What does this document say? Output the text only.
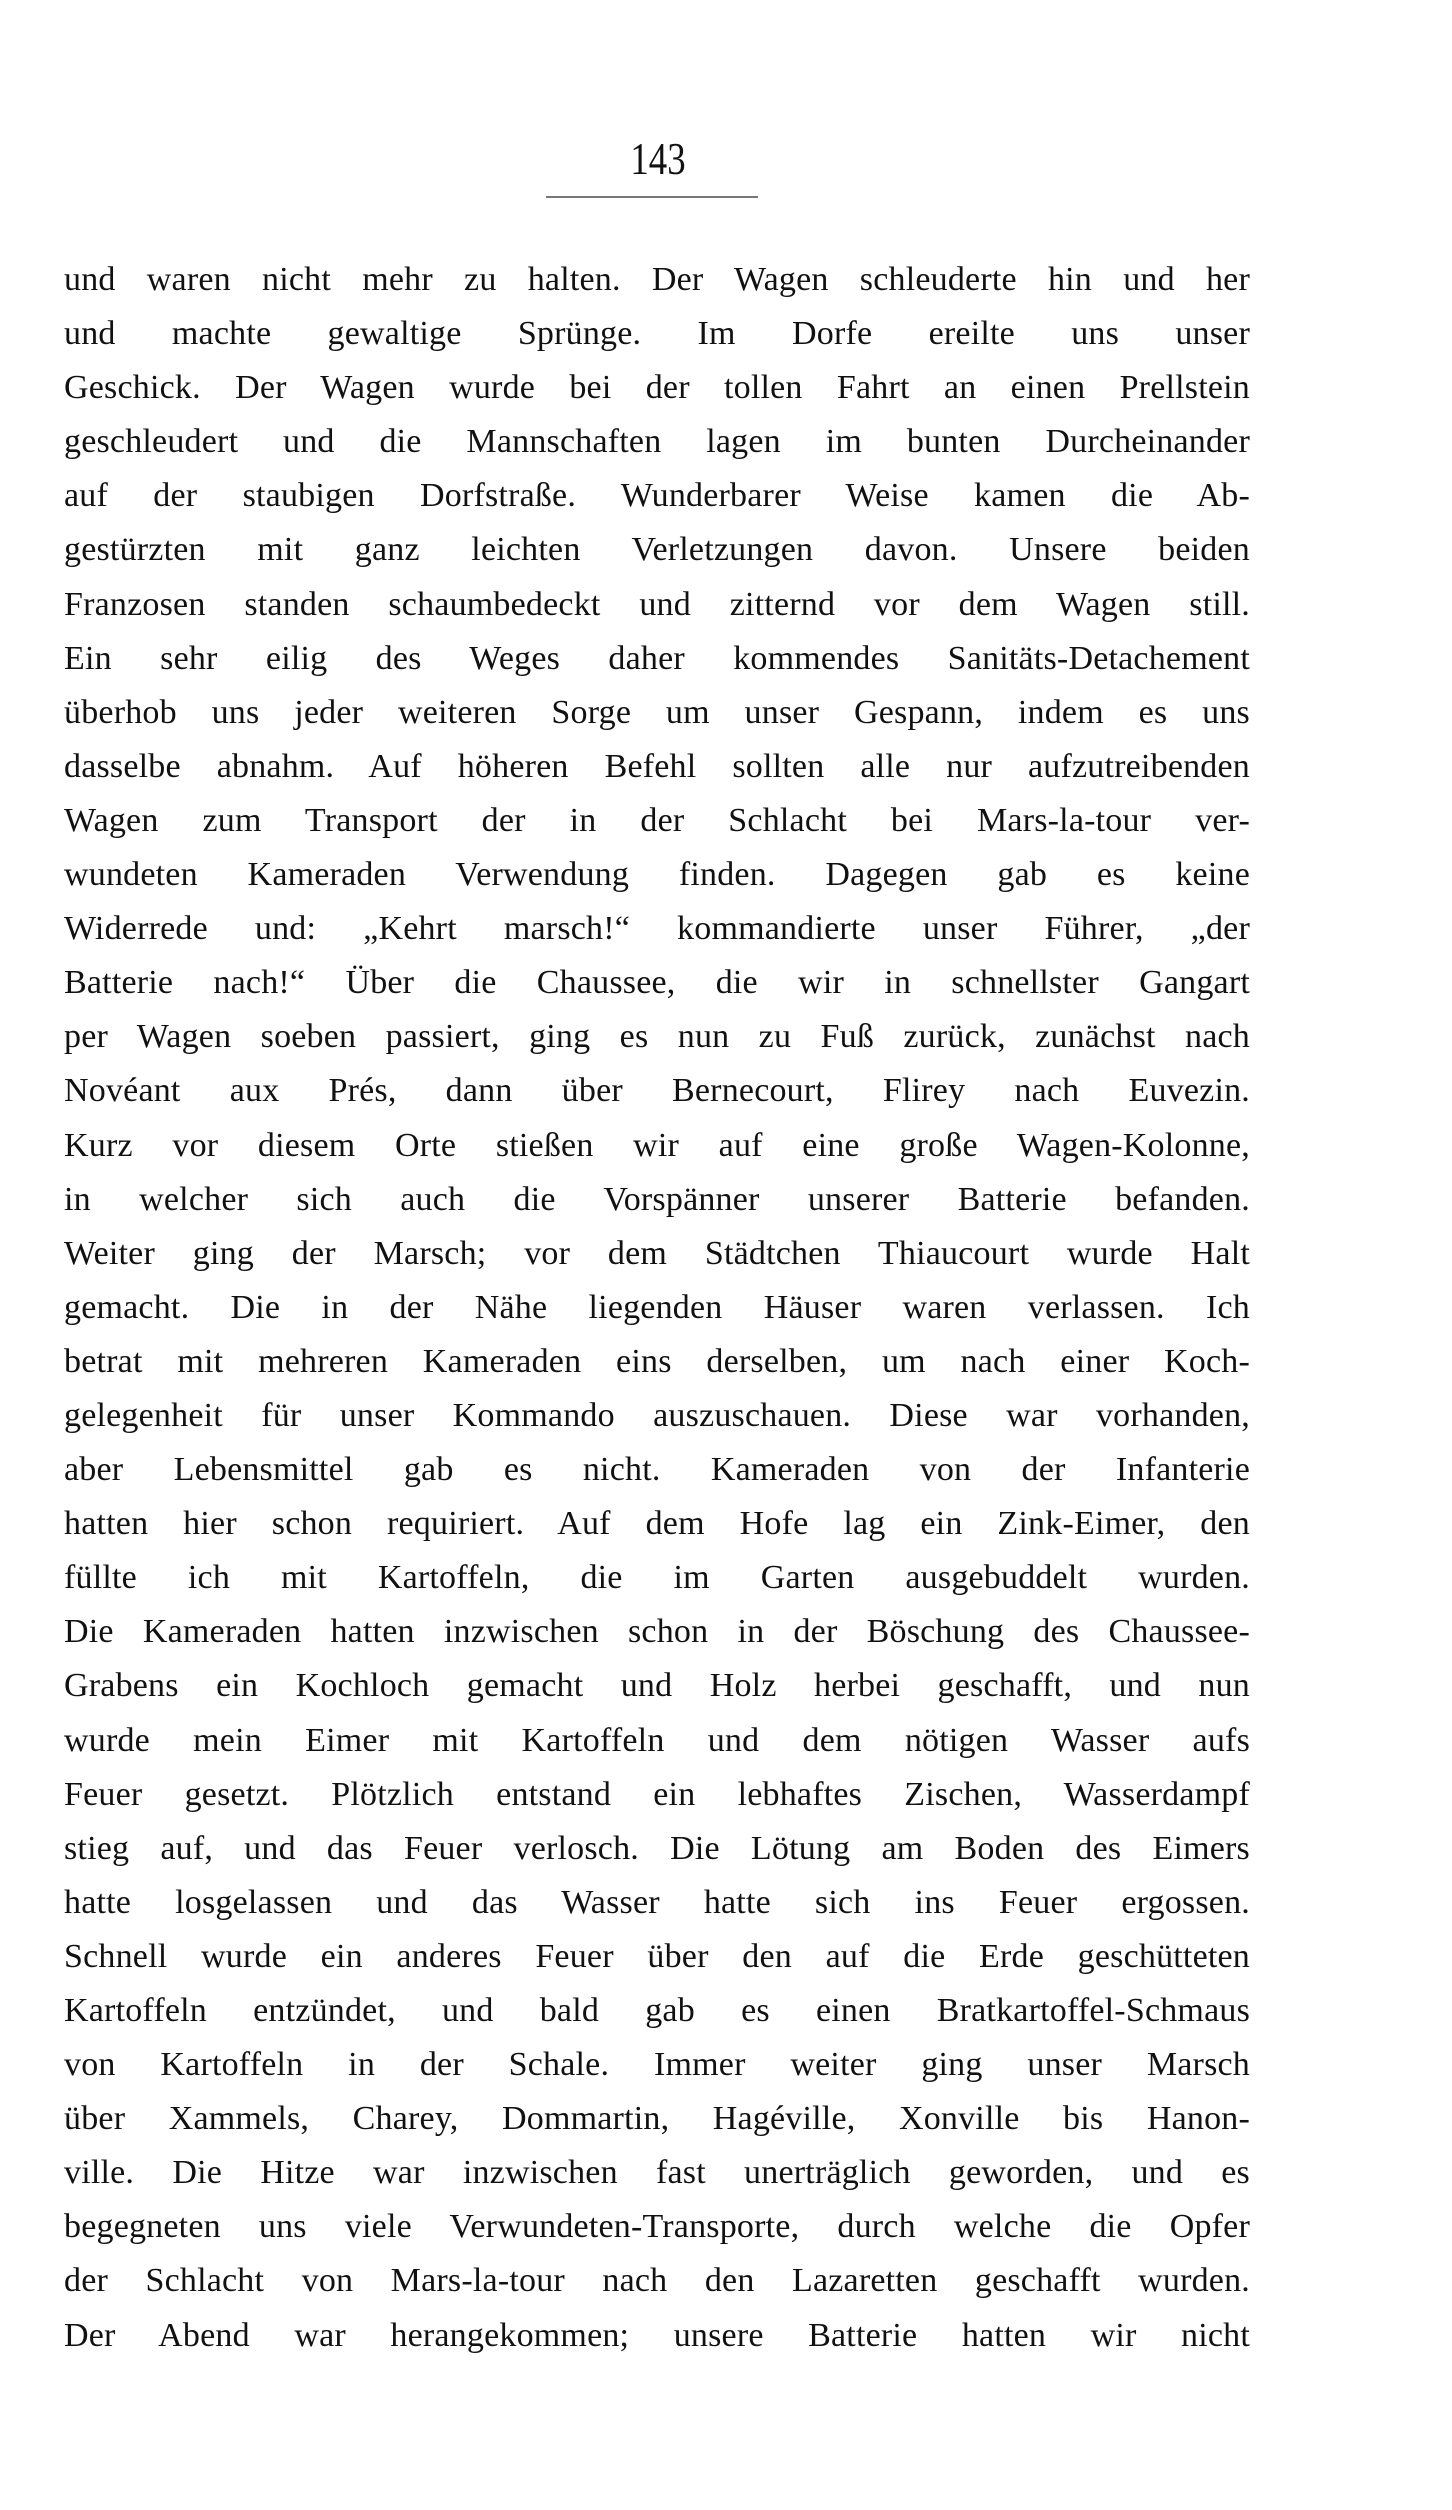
143
und waren nicht mehr zu halten. Der Wagen schleuderte hin und her
und machte gewaltige Sprünge. Im Dorfe ereilte uns unser
Geschick. Der Wagen wurde bei der tollen Fahrt an einen Prellstein
geschleudert und die Mannschaften lagen im bunten Durcheinander
auf der staubigen Dorfstraße. Wunderbarer Weise kamen die Ab-
gestürzten mit ganz leichten Verletzungen davon. Unsere beiden
Franzosen standen schaumbedeckt und zitternd vor dem Wagen still.
Ein sehr eilig des Weges daher kommendes Sanitäts-Detachement
überhob uns jeder weiteren Sorge um unser Gespann, indem es uns
dasselbe abnahm. Auf höheren Befehl sollten alle nur aufzutreibenden
Wagen zum Transport der in der Schlacht bei Mars-la-tour ver-
wundeten Kameraden Verwendung finden. Dagegen gab es keine
Widerrede und: „Kehrt marsch!“ kommandierte unser Führer, „der
Batterie nach!“ Über die Chaussee, die wir in schnellster Gangart
per Wagen soeben passiert, ging es nun zu Fuß zurück, zunächst nach
Novéant aux Prés, dann über Bernecourt, Flirey nach Euvezin.
Kurz vor diesem Orte stießen wir auf eine große Wagen-Kolonne,
in welcher sich auch die Vorspänner unserer Batterie befanden.
Weiter ging der Marsch; vor dem Städtchen Thiaucourt wurde Halt
gemacht. Die in der Nähe liegenden Häuser waren verlassen. Ich
betrat mit mehreren Kameraden eins derselben, um nach einer Koch-
gelegenheit für unser Kommando auszuschauen. Diese war vorhanden,
aber Lebensmittel gab es nicht. Kameraden von der Infanterie
hatten hier schon requiriert. Auf dem Hofe lag ein Zink-Eimer, den
füllte ich mit Kartoffeln, die im Garten ausgebuddelt wurden.
Die Kameraden hatten inzwischen schon in der Böschung des Chaussee-
Grabens ein Kochloch gemacht und Holz herbei geschafft, und nun
wurde mein Eimer mit Kartoffeln und dem nötigen Wasser aufs
Feuer gesetzt. Plötzlich entstand ein lebhaftes Zischen, Wasserdampf
stieg auf, und das Feuer verlosch. Die Lötung am Boden des Eimers
hatte losgelassen und das Wasser hatte sich ins Feuer ergossen.
Schnell wurde ein anderes Feuer über den auf die Erde geschütteten
Kartoffeln entzündet, und bald gab es einen Bratkartoffel-Schmaus
von Kartoffeln in der Schale. Immer weiter ging unser Marsch
über Xammels, Charey, Dommartin, Hagéville, Xonville bis Hanon-
ville. Die Hitze war inzwischen fast unerträglich geworden, und es
begegneten uns viele Verwundeten-Transporte, durch welche die Opfer
der Schlacht von Mars-la-tour nach den Lazaretten geschafft wurden.
Der Abend war herangekommen; unsere Batterie hatten wir nicht
